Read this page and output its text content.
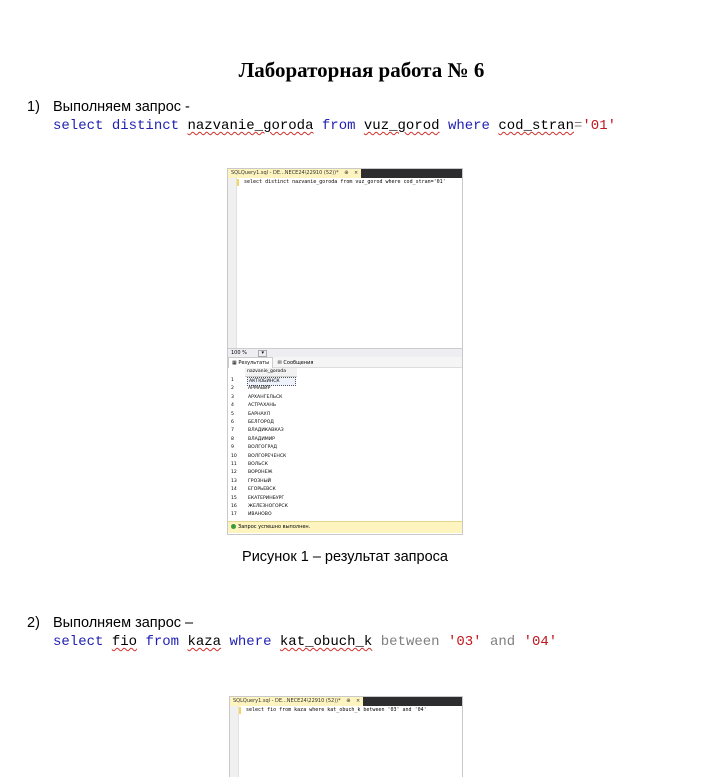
Лабораторная работа № 6
1) Выполняем запрос -
select distinct nazvanie_goroda from vuz_gorod where cod_stran='01'
SQLQuery1.sql - DE...NECE24\22910 (52))* ⊕ ×
select distinct nazvanie_goroda from vuz_gorod where cod_stran='01'
100 %	▾
▦ Результаты ✉ Сообщения
nazvanie_goroda
1	АКТЮБИНСК
2	АРМАВИР
3	АРХАНГЕЛЬСК
4	АСТРАХАНЬ
5	БАРНАУЛ
6	БЕЛГОРОД
7	ВЛАДИКАВКАЗ
8	ВЛАДИМИР
9	ВОЛГОГРАД
10	ВОЛГОРЕЧЕНСК
11	ВОЛЬСК
12	ВОРОНЕЖ
13	ГРОЗНЫЙ
14	ЕГОРЬЕВСК
15	ЕКАТЕРИНБУРГ
16	ЖЕЛЕЗНОГОРСК
17	ИВАНОВО
Запрос успешно выполнен.
Рисунок 1 – результат запроса
2) Выполняем запрос –
select fio from kaza where kat_obuch_k between '03' and '04'
SQLQuery1.sql - DE...NECE24\22910 (52))* ⊕ ×
select fio from kaza where kat_obuch_k between '03' and '04'
